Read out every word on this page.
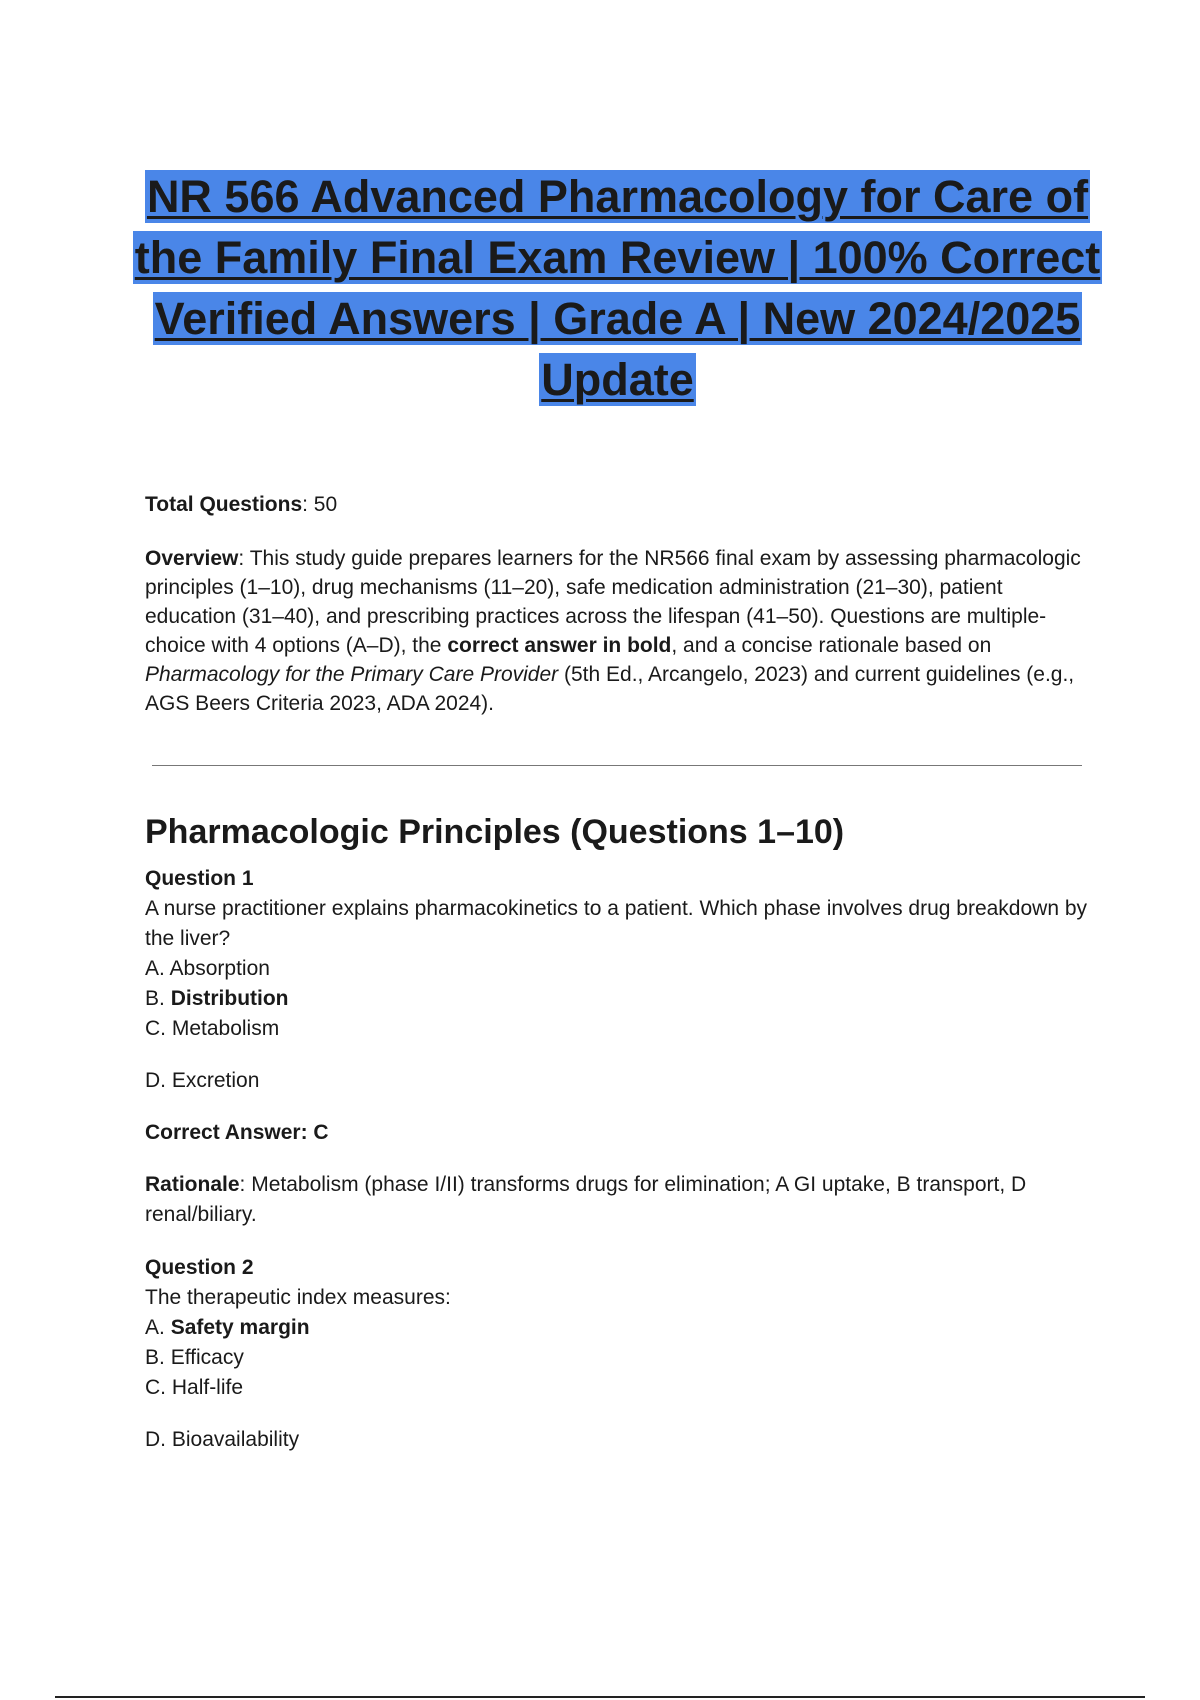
NR 566 Advanced Pharmacology for Care of the Family Final Exam Review | 100% Correct Verified Answers | Grade A | New 2024/2025 Update

Total Questions: 50

Overview: This study guide prepares learners for the NR566 final exam by assessing pharmacologic principles (1–10), drug mechanisms (11–20), safe medication administration (21–30), patient education (31–40), and prescribing practices across the lifespan (41–50). Questions are multiple-choice with 4 options (A–D), the correct answer in bold, and a concise rationale based on Pharmacology for the Primary Care Provider (5th Ed., Arcangelo, 2023) and current guidelines (e.g., AGS Beers Criteria 2023, ADA 2024).

Pharmacologic Principles (Questions 1–10)
Question 1
A nurse practitioner explains pharmacokinetics to a patient. Which phase involves drug breakdown by the liver?
A. Absorption
B. Distribution
C. Metabolism
D. Excretion
Correct Answer: C
Rationale: Metabolism (phase I/II) transforms drugs for elimination; A GI uptake, B transport, D renal/biliary.
Question 2
The therapeutic index measures:
A. Safety margin
B. Efficacy
C. Half-life
D. Bioavailability
